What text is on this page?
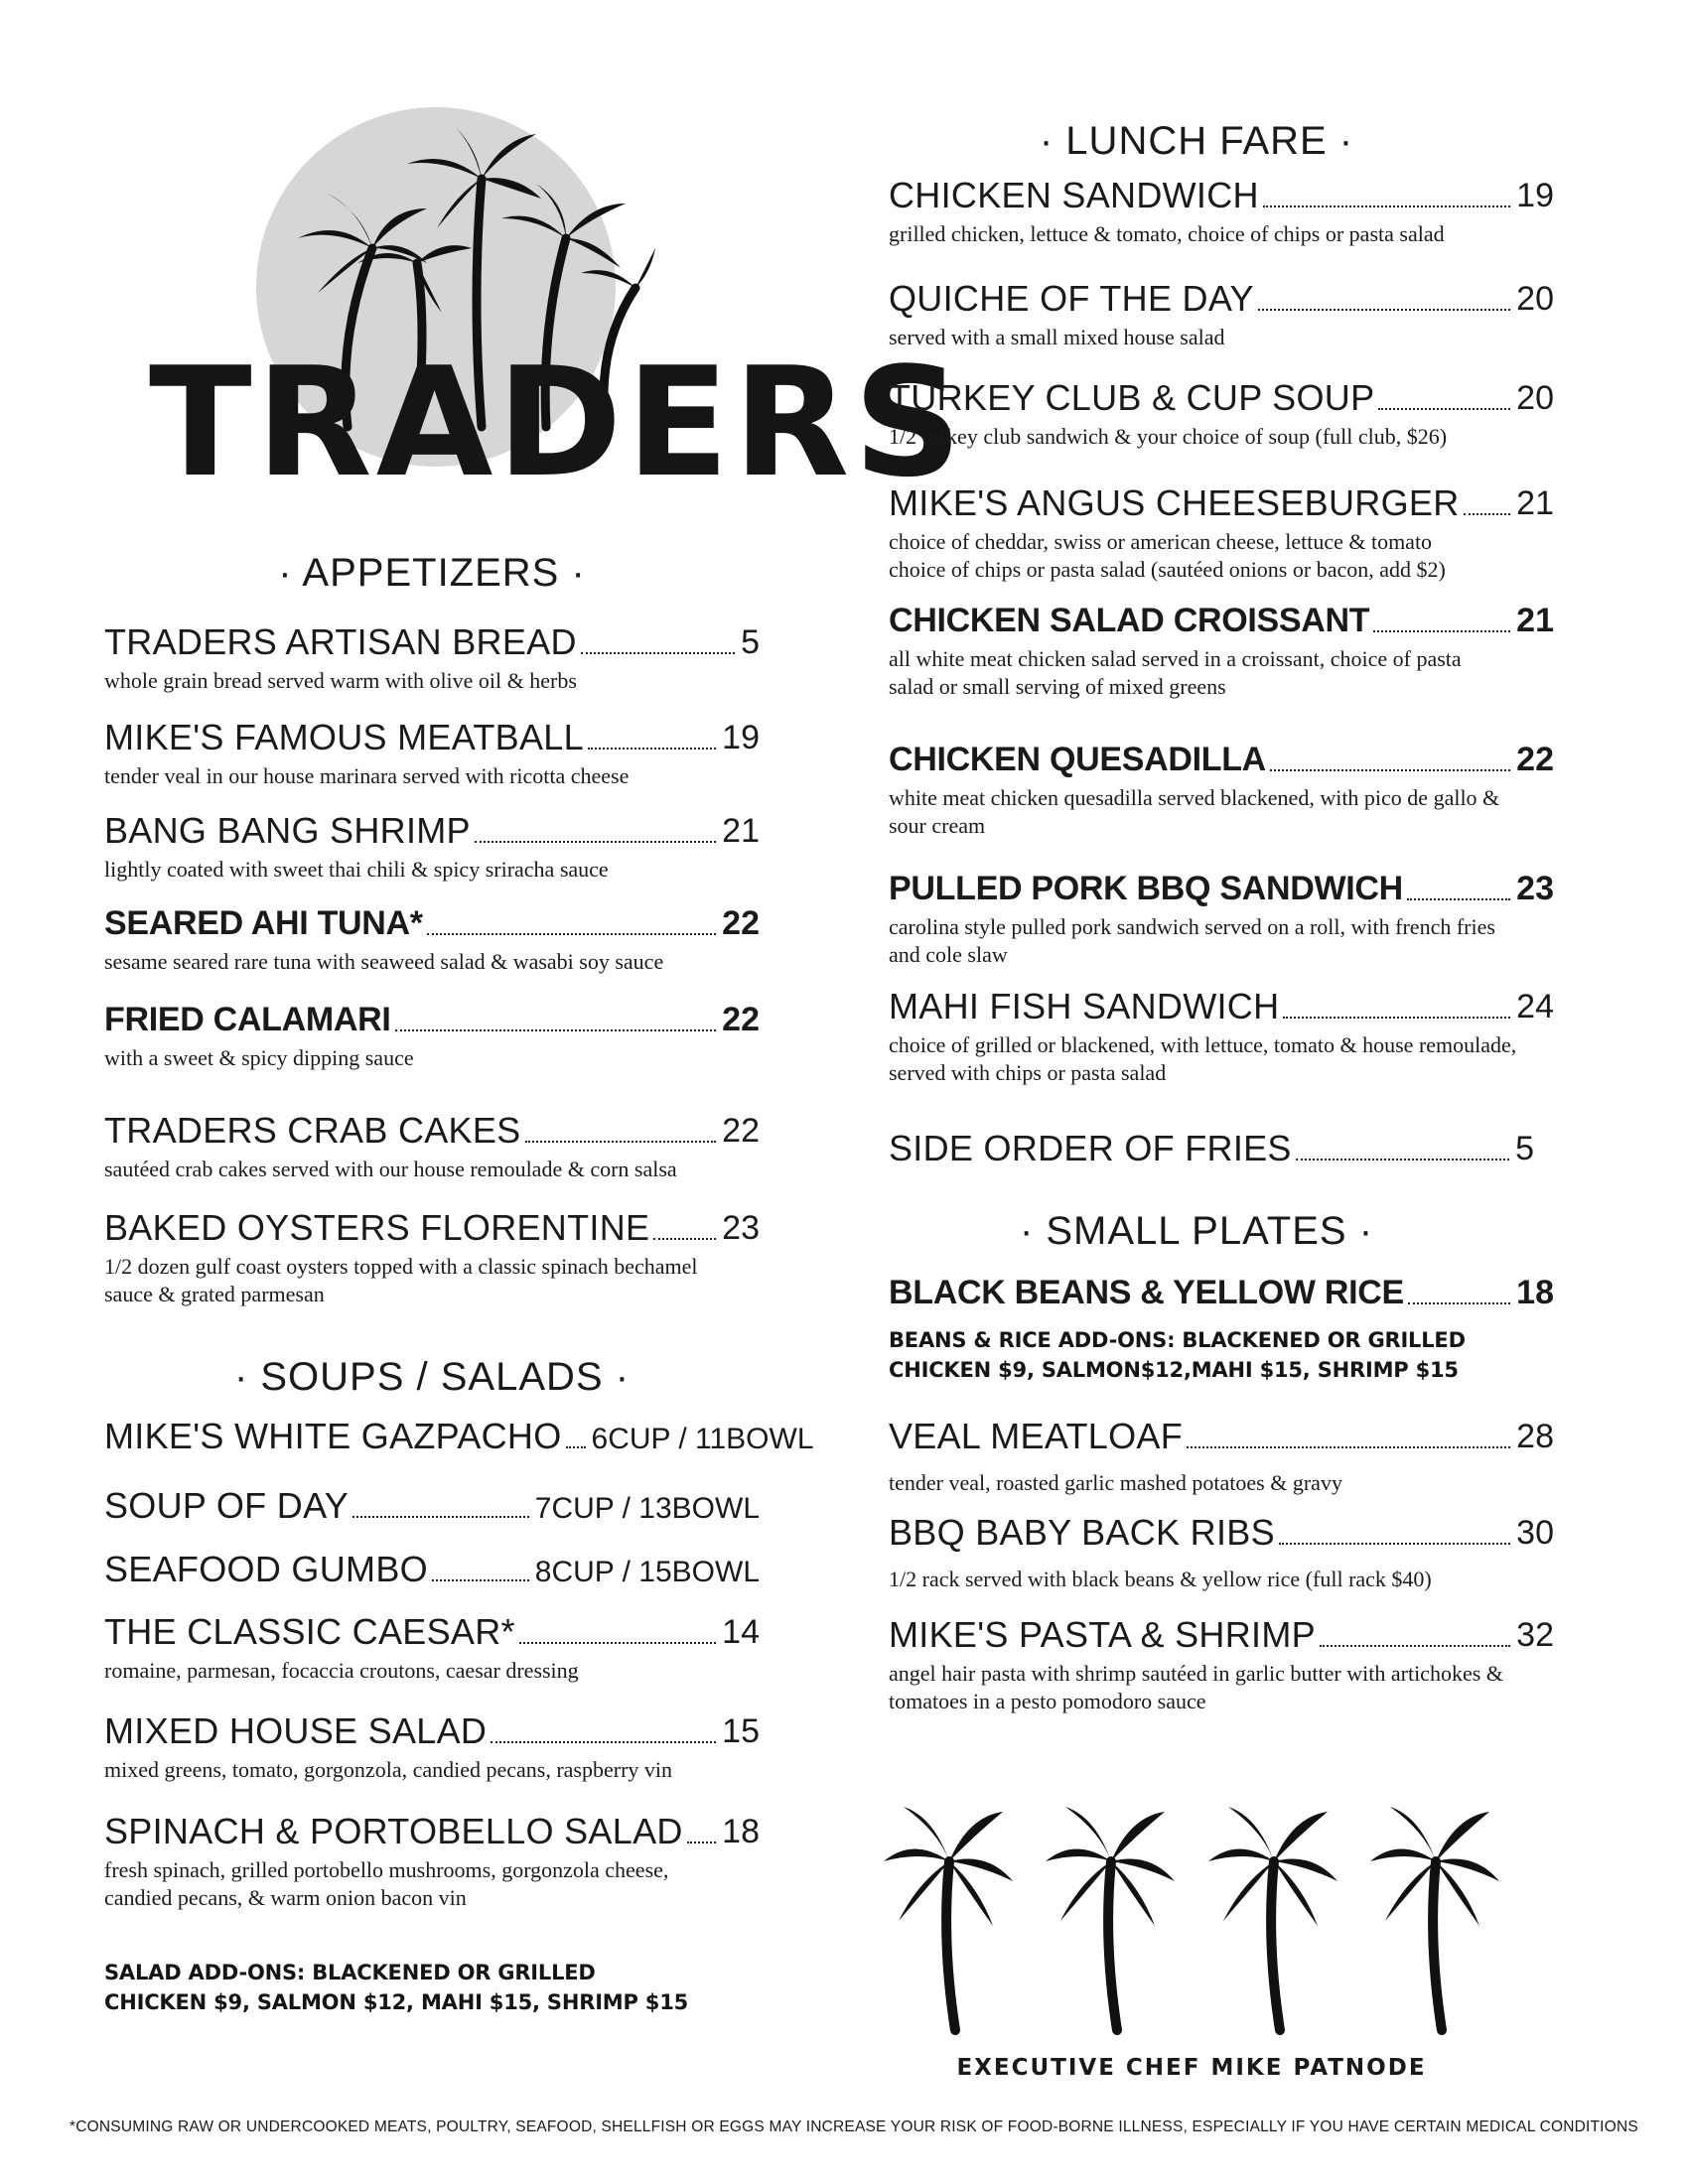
TRADERS
· APPETIZERS ·
TRADERS ARTISAN BREAD	5
whole grain bread served warm with olive oil & herbs
MIKE'S FAMOUS MEATBALL	19
tender veal in our house marinara served with ricotta cheese
BANG BANG SHRIMP	21
lightly coated with sweet thai chili & spicy sriracha sauce
SEARED AHI TUNA*	22
sesame seared rare tuna with seaweed salad & wasabi soy sauce
FRIED CALAMARI	22
with a sweet & spicy dipping sauce
TRADERS CRAB CAKES	22
sautéed crab cakes served with our house remoulade & corn salsa
BAKED OYSTERS FLORENTINE 23
1/2 dozen gulf coast oysters topped with a classic spinach bechamel sauce & grated parmesan
· SOUPS / SALADS ·
MIKE'S WHITE GAZPACHO 6CUP / 11BOWL
SOUP OF DAY	7CUP / 13BOWL
SEAFOOD GUMBO	8CUP / 15BOWL
THE CLASSIC CAESAR*	14
romaine, parmesan, focaccia croutons, caesar dressing
MIXED HOUSE SALAD	15
mixed greens, tomato, gorgonzola, candied pecans, raspberry vin
SPINACH & PORTOBELLO SALAD 18
fresh spinach, grilled portobello mushrooms, gorgonzola cheese, candied pecans, & warm onion bacon vin
SALAD ADD-ONS: BLACKENED OR GRILLED
CHICKEN $9, SALMON $12, MAHI $15, SHRIMP $15
· LUNCH FARE ·
CHICKEN SANDWICH	19
grilled chicken, lettuce & tomato, choice of chips or pasta salad
QUICHE OF THE DAY	20
served with a small mixed house salad
TURKEY CLUB & CUP SOUP	20
1/2 turkey club sandwich & your choice of soup (full club, $26)
MIKE'S ANGUS CHEESEBURGER 21
choice of cheddar, swiss or american cheese, lettuce & tomato
choice of chips or pasta salad (sautéed onions or bacon, add $2)
CHICKEN SALAD CROISSANT	21
all white meat chicken salad served in a croissant, choice of pasta salad or small serving of mixed greens
CHICKEN QUESADILLA	22
white meat chicken quesadilla served blackened, with pico de gallo & sour cream
PULLED PORK BBQ SANDWICH	23
carolina style pulled pork sandwich served on a roll, with french fries and cole slaw
MAHI FISH SANDWICH	24
choice of grilled or blackened, with lettuce, tomato & house remoulade, served with chips or pasta salad
SIDE ORDER OF FRIES	5
· SMALL PLATES ·
BLACK BEANS & YELLOW RICE	18
BEANS & RICE ADD-ONS: BLACKENED OR GRILLED
CHICKEN $9, SALMON$12,MAHI $15, SHRIMP $15
VEAL MEATLOAF	28
tender veal, roasted garlic mashed potatoes & gravy
BBQ BABY BACK RIBS	30
1/2 rack served with black beans & yellow rice (full rack $40)
MIKE'S PASTA & SHRIMP	32
angel hair pasta with shrimp sautéed in garlic butter with artichokes & tomatoes in a pesto pomodoro sauce
EXECUTIVE CHEF MIKE PATNODE
*CONSUMING RAW OR UNDERCOOKED MEATS, POULTRY, SEAFOOD, SHELLFISH OR EGGS MAY INCREASE YOUR RISK OF FOOD-BORNE ILLNESS, ESPECIALLY IF YOU HAVE CERTAIN MEDICAL CONDITIONS
